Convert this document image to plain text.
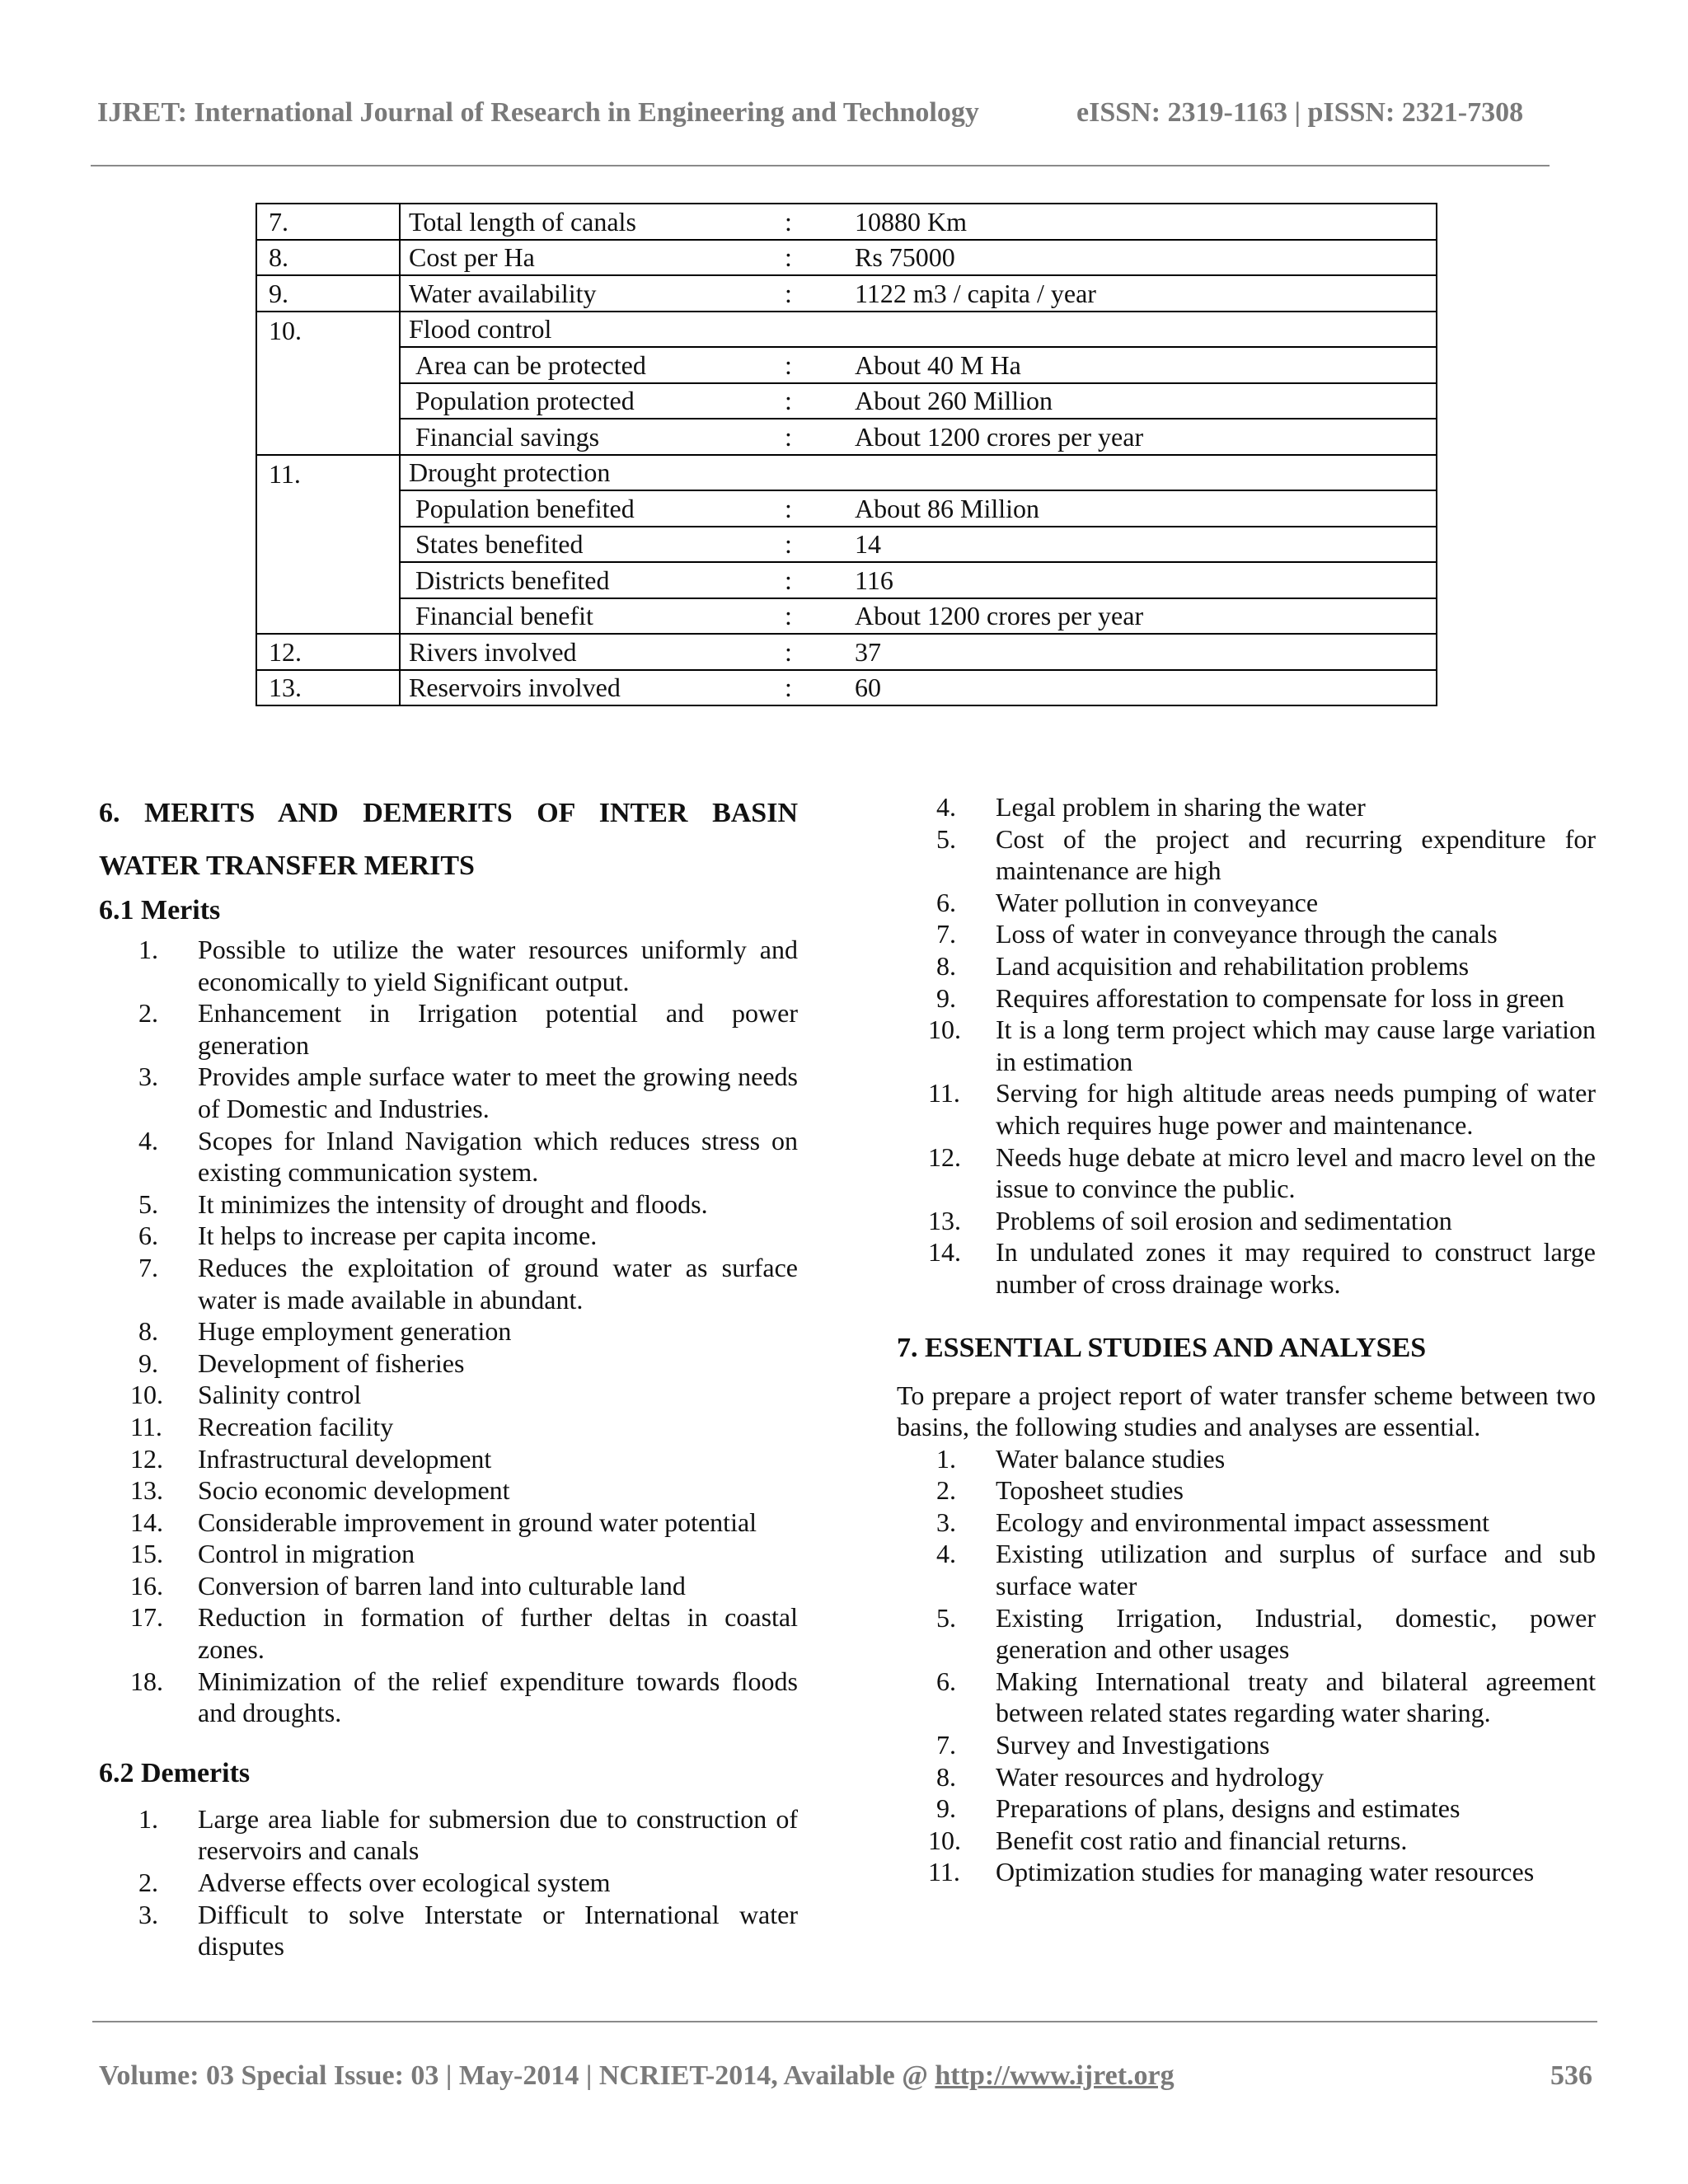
IJRET: International Journal of Research in Engineering and Technology	eISSN: 2319-1163 | pISSN: 2321-7308
7.	Total length of canals : 10880 Km

8.	Cost per Ha : Rs 75000

9.	Water availability : 1122 m3 / capita / year

10.	Flood control

	Area can be protected : About 40 M Ha

	Population protected : About 260 Million

	Financial savings : About 1200 crores per year

11.	Drought protection

	Population benefited : About 86 Million

	States benefited : 14

	Districts benefited : 116

	Financial benefit : About 1200 crores per year

12.	Rivers involved : 37

13.	Reservoirs involved : 60
6. MERITS AND DEMERITS OF INTER BASIN
WATER TRANSFER MERITS
6.1 Merits
1. Possible to utilize the water resources uniformly and economically to yield Significant output.
2. Enhancement in Irrigation potential and power generation
3. Provides ample surface water to meet the growing needs of Domestic and Industries.
4. Scopes for Inland Navigation which reduces stress on existing communication system.
5. It minimizes the intensity of drought and floods.
6. It helps to increase per capita income.
7. Reduces the exploitation of ground water as surface water is made available in abundant.
8. Huge employment generation
9. Development of fisheries
10. Salinity control
11. Recreation facility
12. Infrastructural development
13. Socio economic development
14. Considerable improvement in ground water potential
15. Control in migration
16. Conversion of barren land into culturable land
17. Reduction in formation of further deltas in coastal zones.
18. Minimization of the relief expenditure towards floods and droughts.
6.2 Demerits
1. Large area liable for submersion due to construction of reservoirs and canals
2. Adverse effects over ecological system
3. Difficult to solve Interstate or International water disputes
4. Legal problem in sharing the water
5. Cost of the project and recurring expenditure for maintenance are high
6. Water pollution in conveyance
7. Loss of water in conveyance through the canals
8. Land acquisition and rehabilitation problems
9. Requires afforestation to compensate for loss in green
10. It is a long term project which may cause large variation in estimation
11. Serving for high altitude areas needs pumping of water which requires huge power and maintenance.
12. Needs huge debate at micro level and macro level on the issue to convince the public.
13. Problems of soil erosion and sedimentation
14. In undulated zones it may required to construct large number of cross drainage works.
7. ESSENTIAL STUDIES AND ANALYSES

To prepare a project report of water transfer scheme between two basins, the following studies and analyses are essential.

1. Water balance studies
2. Toposheet studies
3. Ecology and environmental impact assessment
4. Existing utilization and surplus of surface and sub surface water
5. Existing Irrigation, Industrial, domestic, power generation and other usages
6. Making International treaty and bilateral agreement between related states regarding water sharing.
7. Survey and Investigations
8. Water resources and hydrology
9. Preparations of plans, designs and estimates
10. Benefit cost ratio and financial returns.
11. Optimization studies for managing water resources
Volume: 03 Special Issue: 03 | May-2014 | NCRIET-2014, Available @ http://www.ijret.org	536
